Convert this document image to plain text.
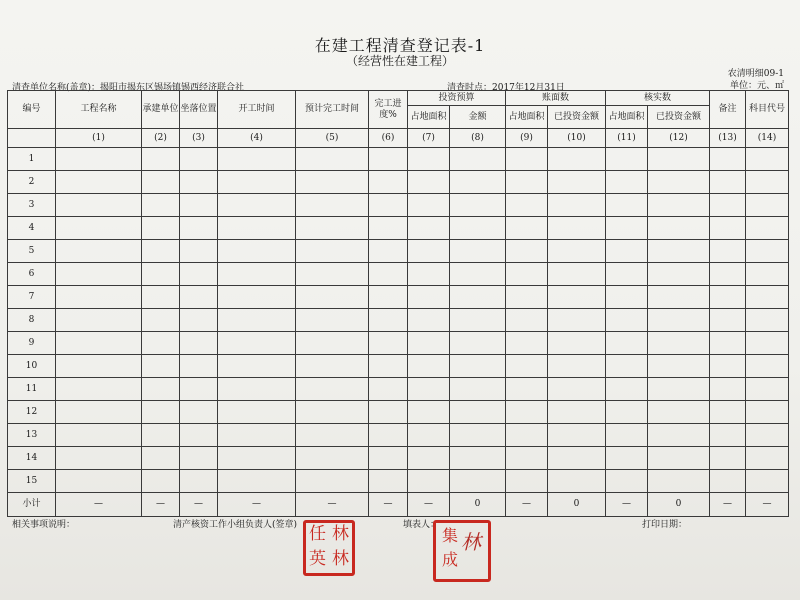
在建工程清查登记表-1
（经营性在建工程）
农清明细09-1
清查单位名称(盖章)：揭阳市揭东区锡场镇锡西经济联合社	清查时点：2017年12月31日	单位：元、㎡
编号	工程名称	承建单位	坐落位置	开工时间	预计完工时间	完工进度%	投资预算		账面数		核实数		备注	科目代号
							占地面积	金额	占地面积	已投资金额	占地面积	已投资金额		
	(1)	(2)	(3)	(4)	(5)	(6)	(7)	(8)	(9)	(10)	(11)	(12)	(13)	(14)
1														
2														
3														
4														
5														
6														
7														
8														
9														
10														
11														
12														
13														
14														
15														
小计	—	—	—	—	—	—	—	0	—	0	—	0	—	—
相关事项说明：	清产核资工作小组负责人(签章)	填表人：	打印日期：
任 林
英 林
集
成
林
